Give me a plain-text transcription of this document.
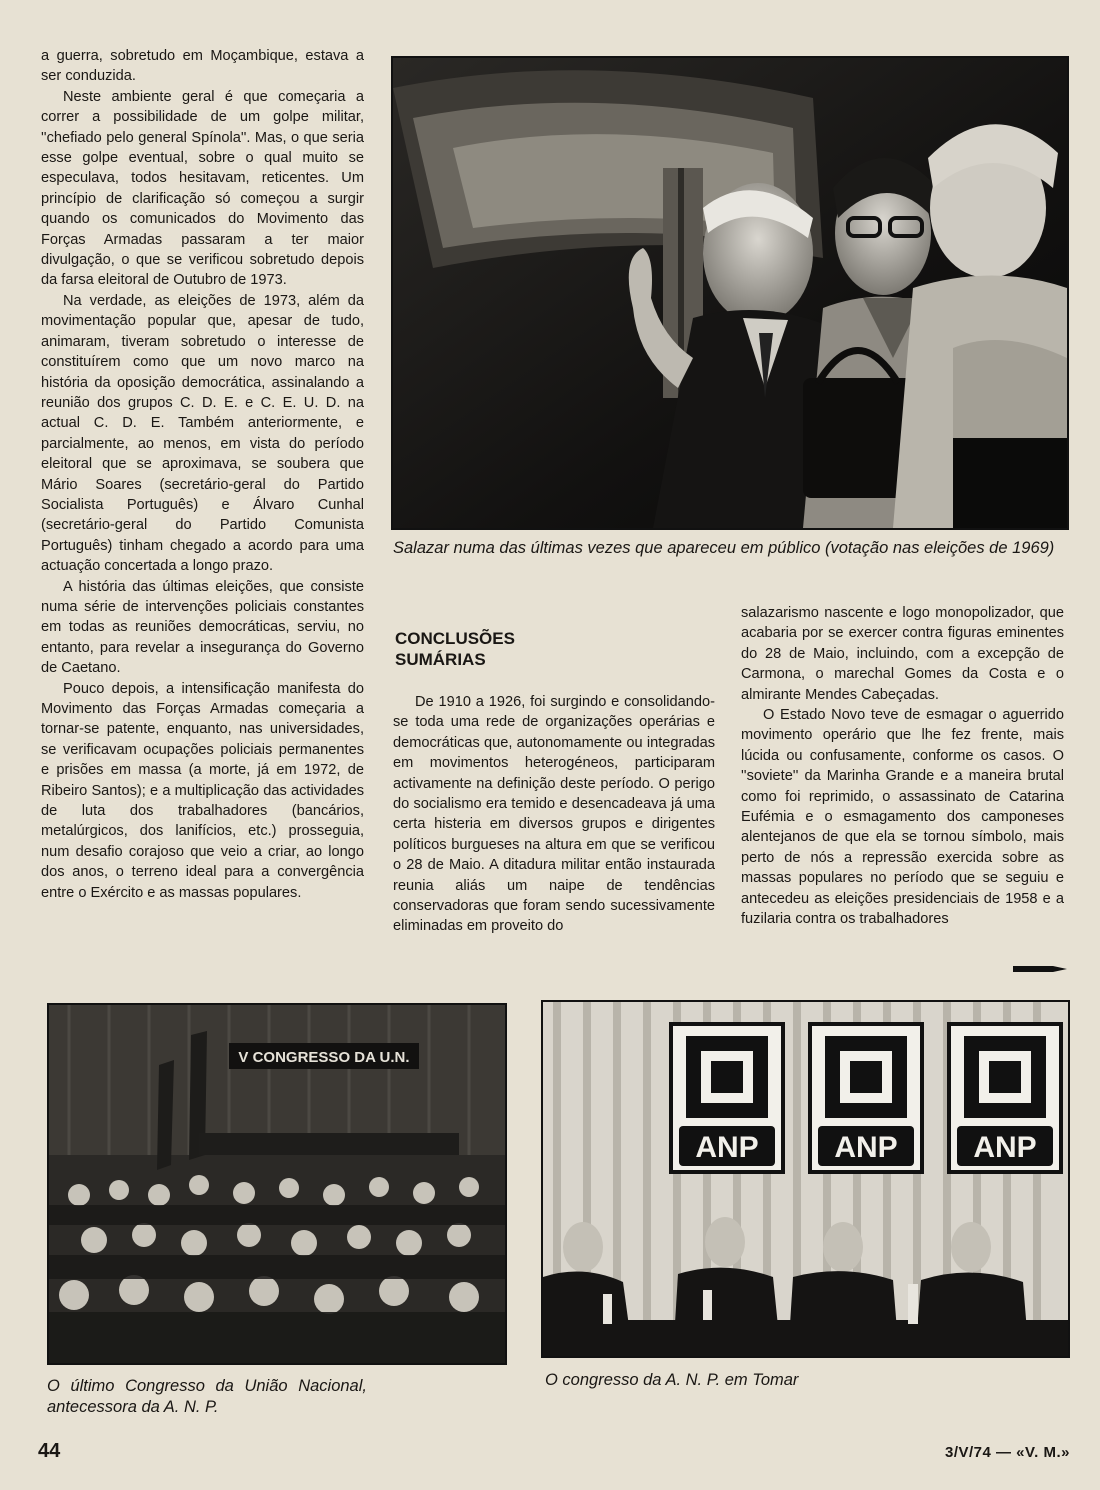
a guerra, sobretudo em Moçambique, estava a ser conduzida.

Neste ambiente geral é que começaria a correr a possibilidade de um golpe militar, ''chefiado pelo general Spínola''. Mas, o que seria esse golpe eventual, sobre o qual muito se especulava, todos hesitavam, reticentes. Um princípio de clarificação só começou a surgir quando os comunicados do Movimento das Forças Armadas passaram a ter maior divulgação, o que se verificou sobretudo depois da farsa eleitoral de Outubro de 1973.

Na verdade, as eleições de 1973, além da movimentação popular que, apesar de tudo, animaram, tiveram sobretudo o interesse de constituírem como que um novo marco na história da oposição democrática, assinalando a reunião dos grupos C. D. E. e C. E. U. D. na actual C. D. E. Também anteriormente, e parcialmente, ao menos, em vista do período eleitoral que se aproximava, se soubera que Mário Soares (secretário-geral do Partido Socialista Português) e Álvaro Cunhal (secretário-geral do Partido Comunista Português) tinham chegado a acordo para uma actuação concertada a longo prazo.

A história das últimas eleições, que consiste numa série de intervenções policiais constantes em todas as reuniões democráticas, serviu, no entanto, para revelar a insegurança do Governo de Caetano.

Pouco depois, a intensificação manifesta do Movimento das Forças Armadas começaria a tornar-se patente, enquanto, nas universidades, se verificavam ocupações policiais permanentes e prisões em massa (a morte, já em 1972, de Ribeiro Santos); e a multiplicação das actividades de luta dos trabalhadores (bancários, metalúrgicos, dos lanifícios, etc.) prosseguia, num desafio corajoso que veio a criar, ao longo dos anos, o terreno ideal para a convergência entre o Exército e as massas populares.

Salazar numa das últimas vezes que apareceu em público (votação nas eleições de 1969)

CONCLUSÕES

SUMÁRIAS

De 1910 a 1926, foi surgindo e consolidando-se toda uma rede de organizações operárias e democráticas que, autonomamente ou integradas em movimentos heterogéneos, participaram activamente na definição deste período. O perigo do socialismo era temido e desencadeava já uma certa histeria em diversos grupos e dirigentes políticos burgueses na altura em que se verificou o 28 de Maio. A ditadura militar então instaurada reunia aliás um naipe de tendências conservadoras que foram sendo sucessivamente eliminadas em proveito do

salazarismo nascente e logo monopolizador, que acabaria por se exercer contra figuras eminentes do 28 de Maio, incluindo, com a excepção de Carmona, o marechal Gomes da Costa e o almirante Mendes Cabeçadas.

O Estado Novo teve de esmagar o aguerrido movimento operário que lhe fez frente, mais lúcida ou confusamente, conforme os casos. O ''soviete'' da Marinha Grande e a maneira brutal como foi reprimido, o assassinato de Catarina Eufémia e o esmagamento dos camponeses alentejanos de que ela se tornou símbolo, mais perto de nós a repressão exercida sobre as massas populares no período que se seguiu e antecedeu as eleições presidenciais de 1958 e a fuzilaria contra os trabalhadores

V CONGRESSO DA U.N.
O último Congresso da União Nacional, antecessora da A. N. P.
ANP	ANP	ANP
O congresso da A. N. P. em Tomar
44	3/V/74 — «V. M.»
